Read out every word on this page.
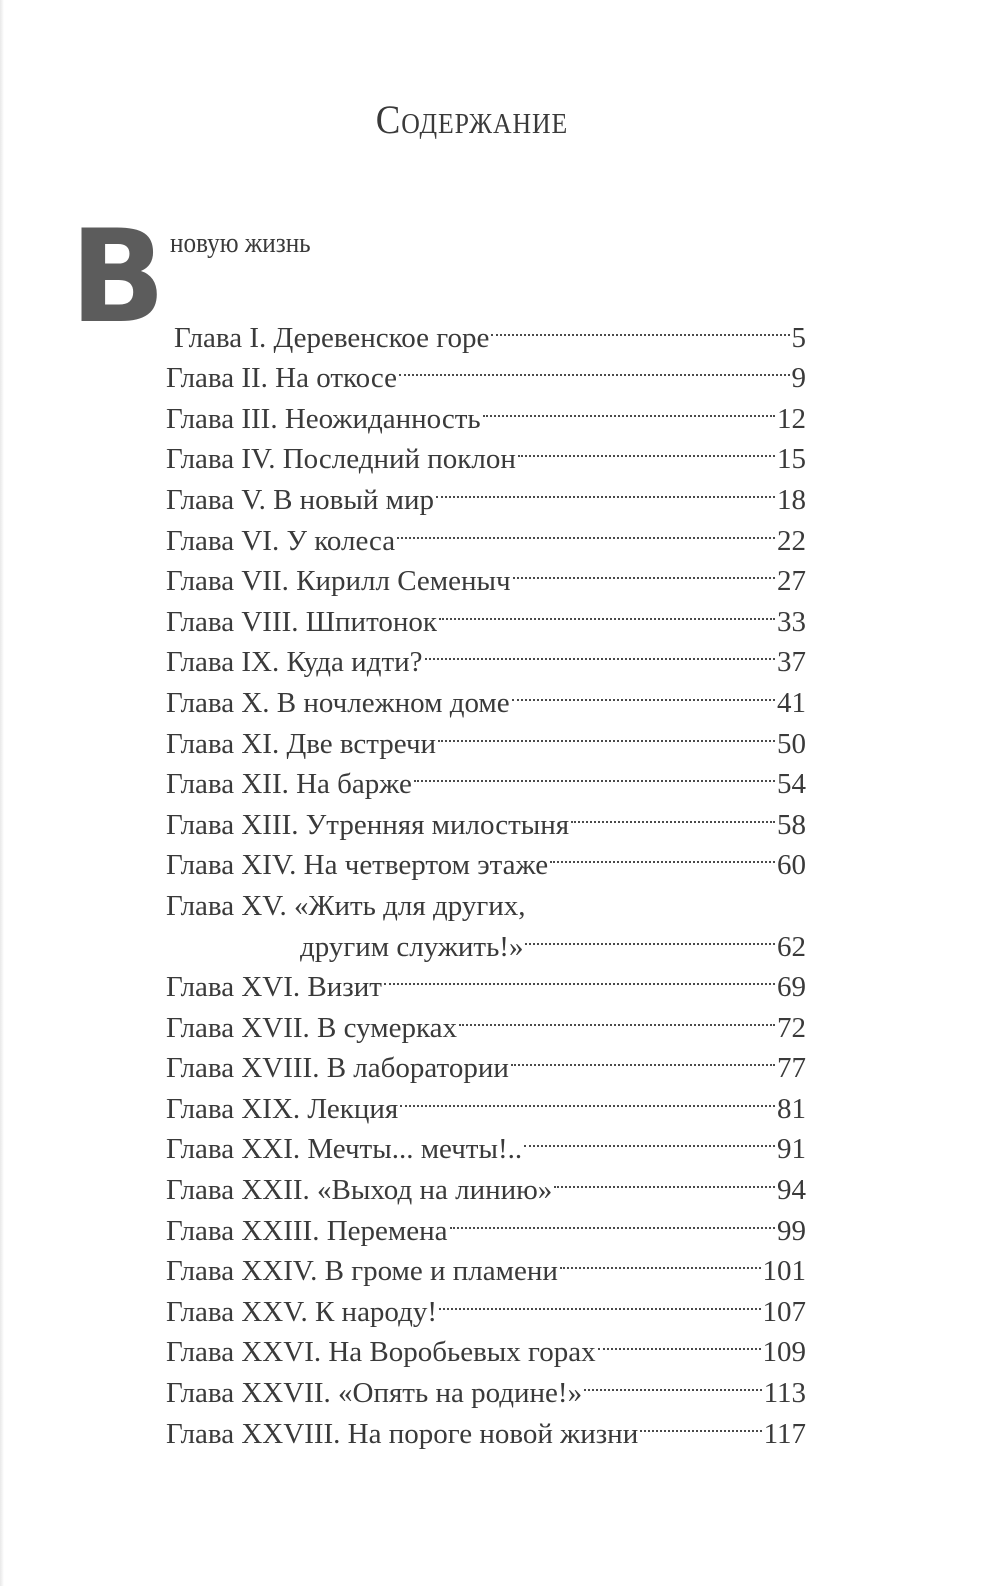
Содержание
В новую жизнь
Глава I. Деревенское горе	5
Глава II. На откосе	9
Глава III. Неожиданность	12
Глава IV. Последний поклон	15
Глава V. В новый мир	18
Глава VI. У колеса	22
Глава VII. Кирилл Семеныч	27
Глава VIII. Шпитонок	33
Глава IX. Куда идти?	37
Глава X. В ночлежном доме	41
Глава XI. Две встречи	50
Глава XII. На барже	54
Глава XIII. Утренняя милостыня	58
Глава XIV. На четвертом этаже	60
Глава XV. «Жить для других,
другим служить!»	62
Глава XVI. Визит	69
Глава XVII. В сумерках	72
Глава XVIII. В лаборатории	77
Глава XIX. Лекция	81
Глава XXI. Мечты... мечты!..	91
Глава XXII. «Выход на линию»	94
Глава XXIII. Перемена	99
Глава XXIV. В громе и пламени	101
Глава XXV. К народу!	107
Глава XXVI. На Воробьевых горах	109
Глава XXVII. «Опять на родине!»	113
Глава XXVIII. На пороге новой жизни	117
